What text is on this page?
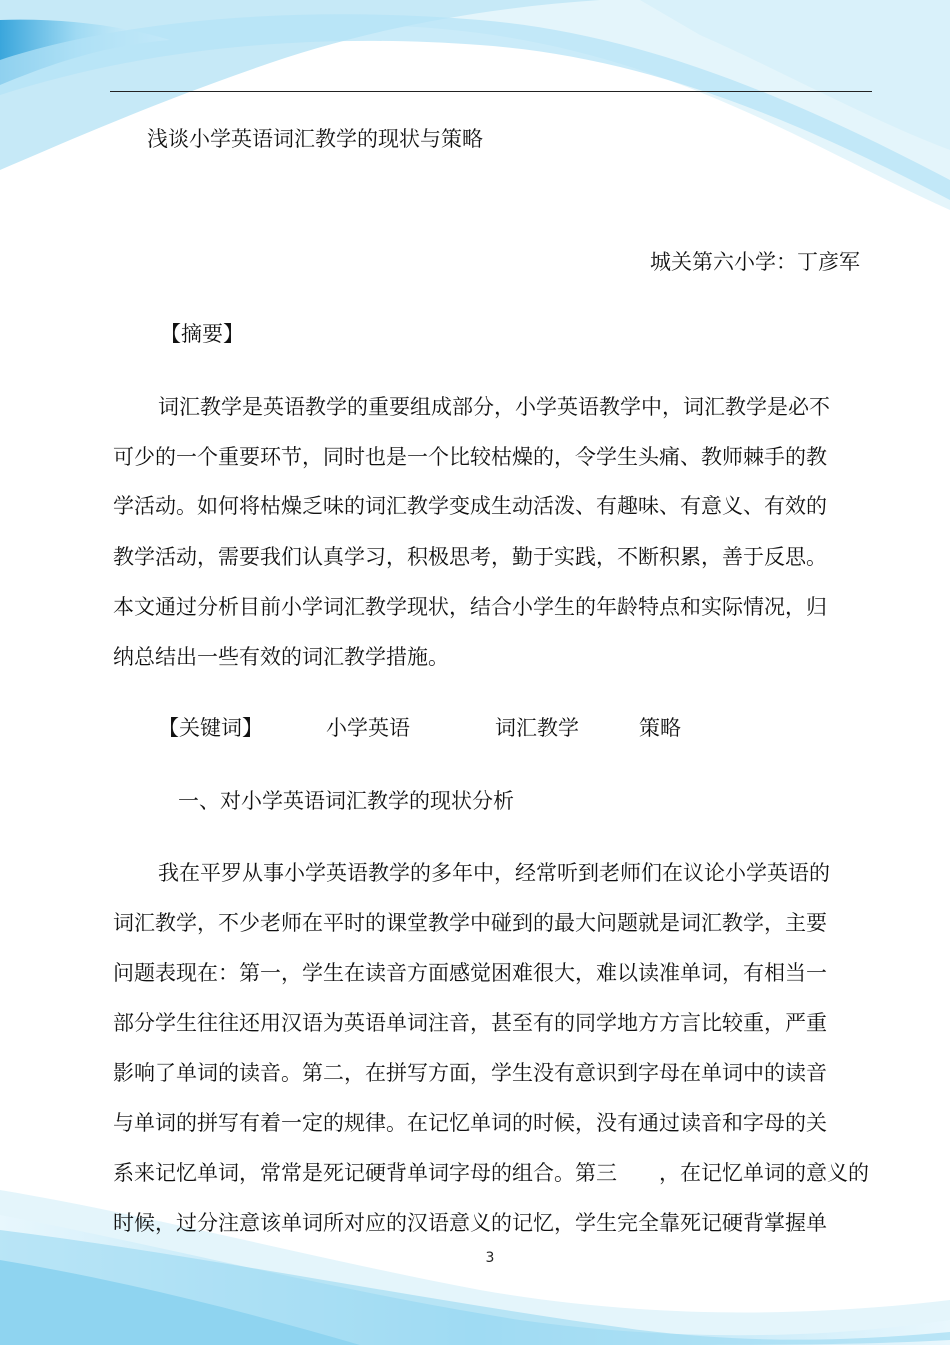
浅谈小学英语词汇教学的现状与策略
城关第六小学：丁彦军
【摘要】
词汇教学是英语教学的重要组成部分，小学英语教学中，词汇教学是必不
可少的一个重要环节，同时也是一个比较枯燥的，令学生头痛、教师棘手的教
学活动。如何将枯燥乏味的词汇教学变成生动活泼、有趣味、有意义、有效的
教学活动，需要我们认真学习，积极思考，勤于实践，不断积累，善于反思。
本文通过分析目前小学词汇教学现状，结合小学生的年龄特点和实际情况，归
纳总结出一些有效的词汇教学措施。
【关键词】	小学英语	词汇教学	策略
一、对小学英语词汇教学的现状分析
我在平罗从事小学英语教学的多年中，经常听到老师们在议论小学英语的
词汇教学，不少老师在平时的课堂教学中碰到的最大问题就是词汇教学，主要
问题表现在：第一，学生在读音方面感觉困难很大，难以读准单词，有相当一
部分学生往往还用汉语为英语单词注音，甚至有的同学地方方言比较重，严重
影响了单词的读音。第二，在拼写方面，学生没有意识到字母在单词中的读音
与单词的拼写有着一定的规律。在记忆单词的时候，没有通过读音和字母的关
系来记忆单词，常常是死记硬背单词字母的组合。第三　　，在记忆单词的意义的
时候，过分注意该单词所对应的汉语意义的记忆，学生完全靠死记硬背掌握单
3
